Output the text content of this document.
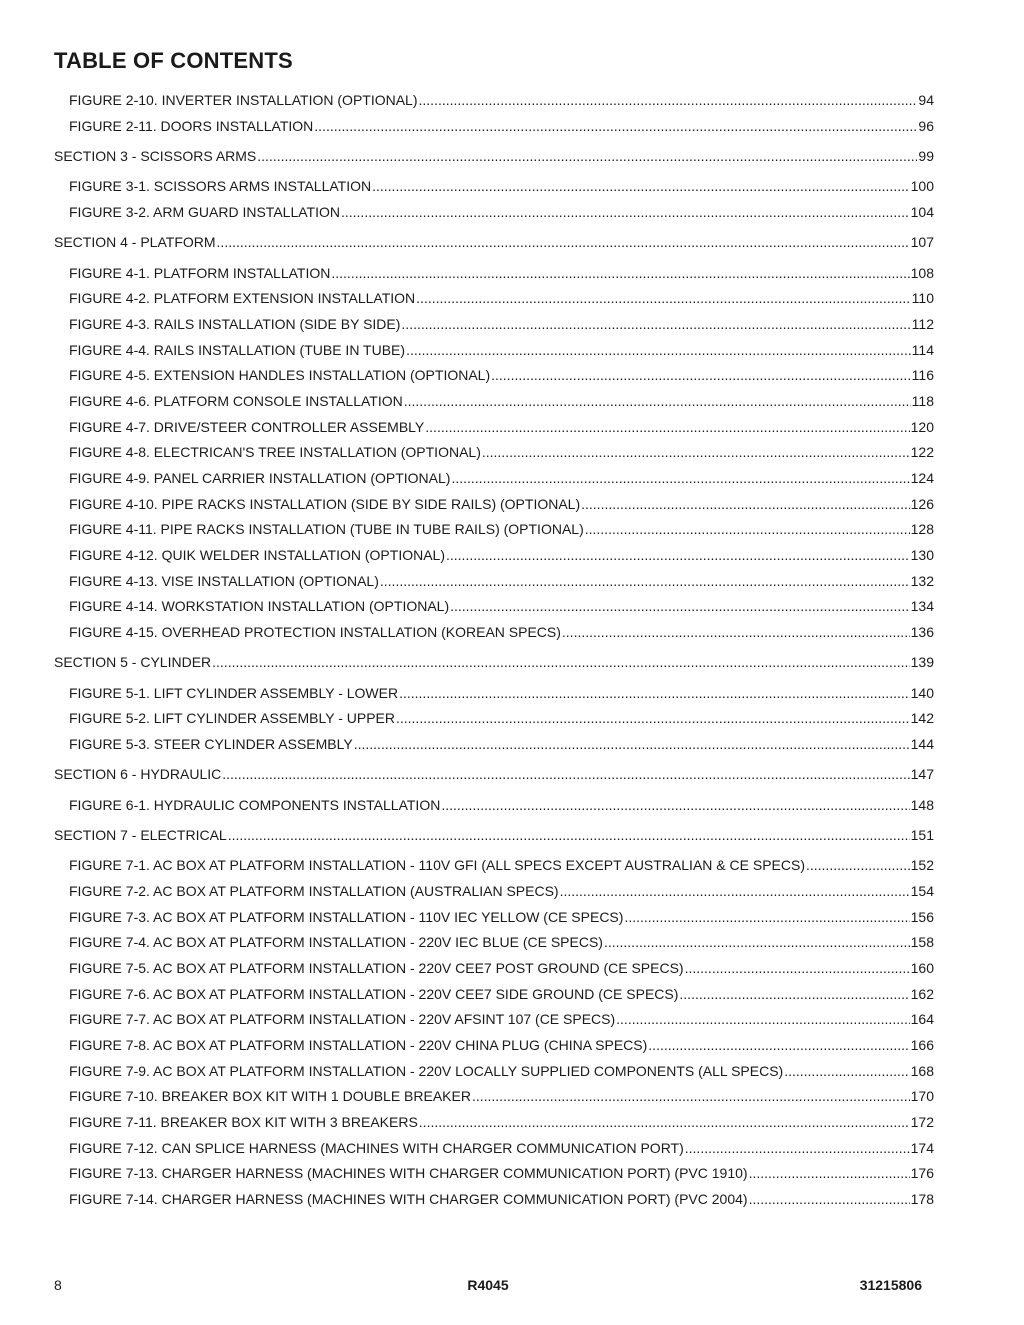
TABLE OF CONTENTS
FIGURE 2-10. INVERTER INSTALLATION (OPTIONAL) .....	94
FIGURE 2-11. DOORS INSTALLATION .....	96
SECTION 3 - SCISSORS ARMS .....	99
FIGURE 3-1. SCISSORS ARMS INSTALLATION .....	100
FIGURE 3-2. ARM GUARD INSTALLATION .....	104
SECTION 4 - PLATFORM .....	107
FIGURE 4-1. PLATFORM INSTALLATION .....	108
FIGURE 4-2. PLATFORM EXTENSION INSTALLATION .....	110
FIGURE 4-3. RAILS INSTALLATION (SIDE BY SIDE) .....	112
FIGURE 4-4. RAILS INSTALLATION (TUBE IN TUBE) .....	114
FIGURE 4-5. EXTENSION HANDLES INSTALLATION (OPTIONAL) .....	116
FIGURE 4-6. PLATFORM CONSOLE INSTALLATION .....	118
FIGURE 4-7. DRIVE/STEER CONTROLLER ASSEMBLY .....	120
FIGURE 4-8. ELECTRICAN'S TREE INSTALLATION (OPTIONAL) .....	122
FIGURE 4-9. PANEL CARRIER INSTALLATION (OPTIONAL) .....	124
FIGURE 4-10. PIPE RACKS INSTALLATION (SIDE BY SIDE RAILS) (OPTIONAL) .....	126
FIGURE 4-11. PIPE RACKS INSTALLATION (TUBE IN TUBE RAILS) (OPTIONAL) .....	128
FIGURE 4-12. QUIK WELDER INSTALLATION (OPTIONAL) .....	130
FIGURE 4-13. VISE INSTALLATION (OPTIONAL) .....	132
FIGURE 4-14. WORKSTATION INSTALLATION (OPTIONAL) .....	134
FIGURE 4-15. OVERHEAD PROTECTION INSTALLATION (KOREAN SPECS) .....	136
SECTION 5 - CYLINDER .....	139
FIGURE 5-1. LIFT CYLINDER ASSEMBLY - LOWER .....	140
FIGURE 5-2. LIFT CYLINDER ASSEMBLY - UPPER .....	142
FIGURE 5-3. STEER CYLINDER ASSEMBLY .....	144
SECTION 6 - HYDRAULIC .....	147
FIGURE 6-1. HYDRAULIC COMPONENTS INSTALLATION .....	148
SECTION 7 - ELECTRICAL .....	151
FIGURE 7-1. AC BOX AT PLATFORM INSTALLATION - 110V GFI (ALL SPECS EXCEPT AUSTRALIAN & CE SPECS) .....	152
FIGURE 7-2. AC BOX AT PLATFORM INSTALLATION (AUSTRALIAN SPECS) .....	154
FIGURE 7-3. AC BOX AT PLATFORM INSTALLATION - 110V IEC YELLOW (CE SPECS) .....	156
FIGURE 7-4. AC BOX AT PLATFORM INSTALLATION - 220V IEC BLUE (CE SPECS) .....	158
FIGURE 7-5. AC BOX AT PLATFORM INSTALLATION - 220V CEE7 POST GROUND (CE SPECS) .....	160
FIGURE 7-6. AC BOX AT PLATFORM INSTALLATION - 220V CEE7 SIDE GROUND (CE SPECS) .....	162
FIGURE 7-7. AC BOX AT PLATFORM INSTALLATION - 220V AFSINT 107 (CE SPECS) .....	164
FIGURE 7-8. AC BOX AT PLATFORM INSTALLATION - 220V CHINA PLUG (CHINA SPECS) .....	166
FIGURE 7-9. AC BOX AT PLATFORM INSTALLATION - 220V LOCALLY SUPPLIED COMPONENTS (ALL SPECS) .....	168
FIGURE 7-10. BREAKER BOX KIT WITH 1 DOUBLE BREAKER .....	170
FIGURE 7-11. BREAKER BOX KIT WITH 3 BREAKERS .....	172
FIGURE 7-12. CAN SPLICE HARNESS (MACHINES WITH CHARGER COMMUNICATION PORT) .....	174
FIGURE 7-13. CHARGER HARNESS (MACHINES WITH CHARGER COMMUNICATION PORT) (PVC 1910) .....	176
FIGURE 7-14. CHARGER HARNESS (MACHINES WITH CHARGER COMMUNICATION PORT) (PVC 2004) .....	178
8	R4045	31215806
